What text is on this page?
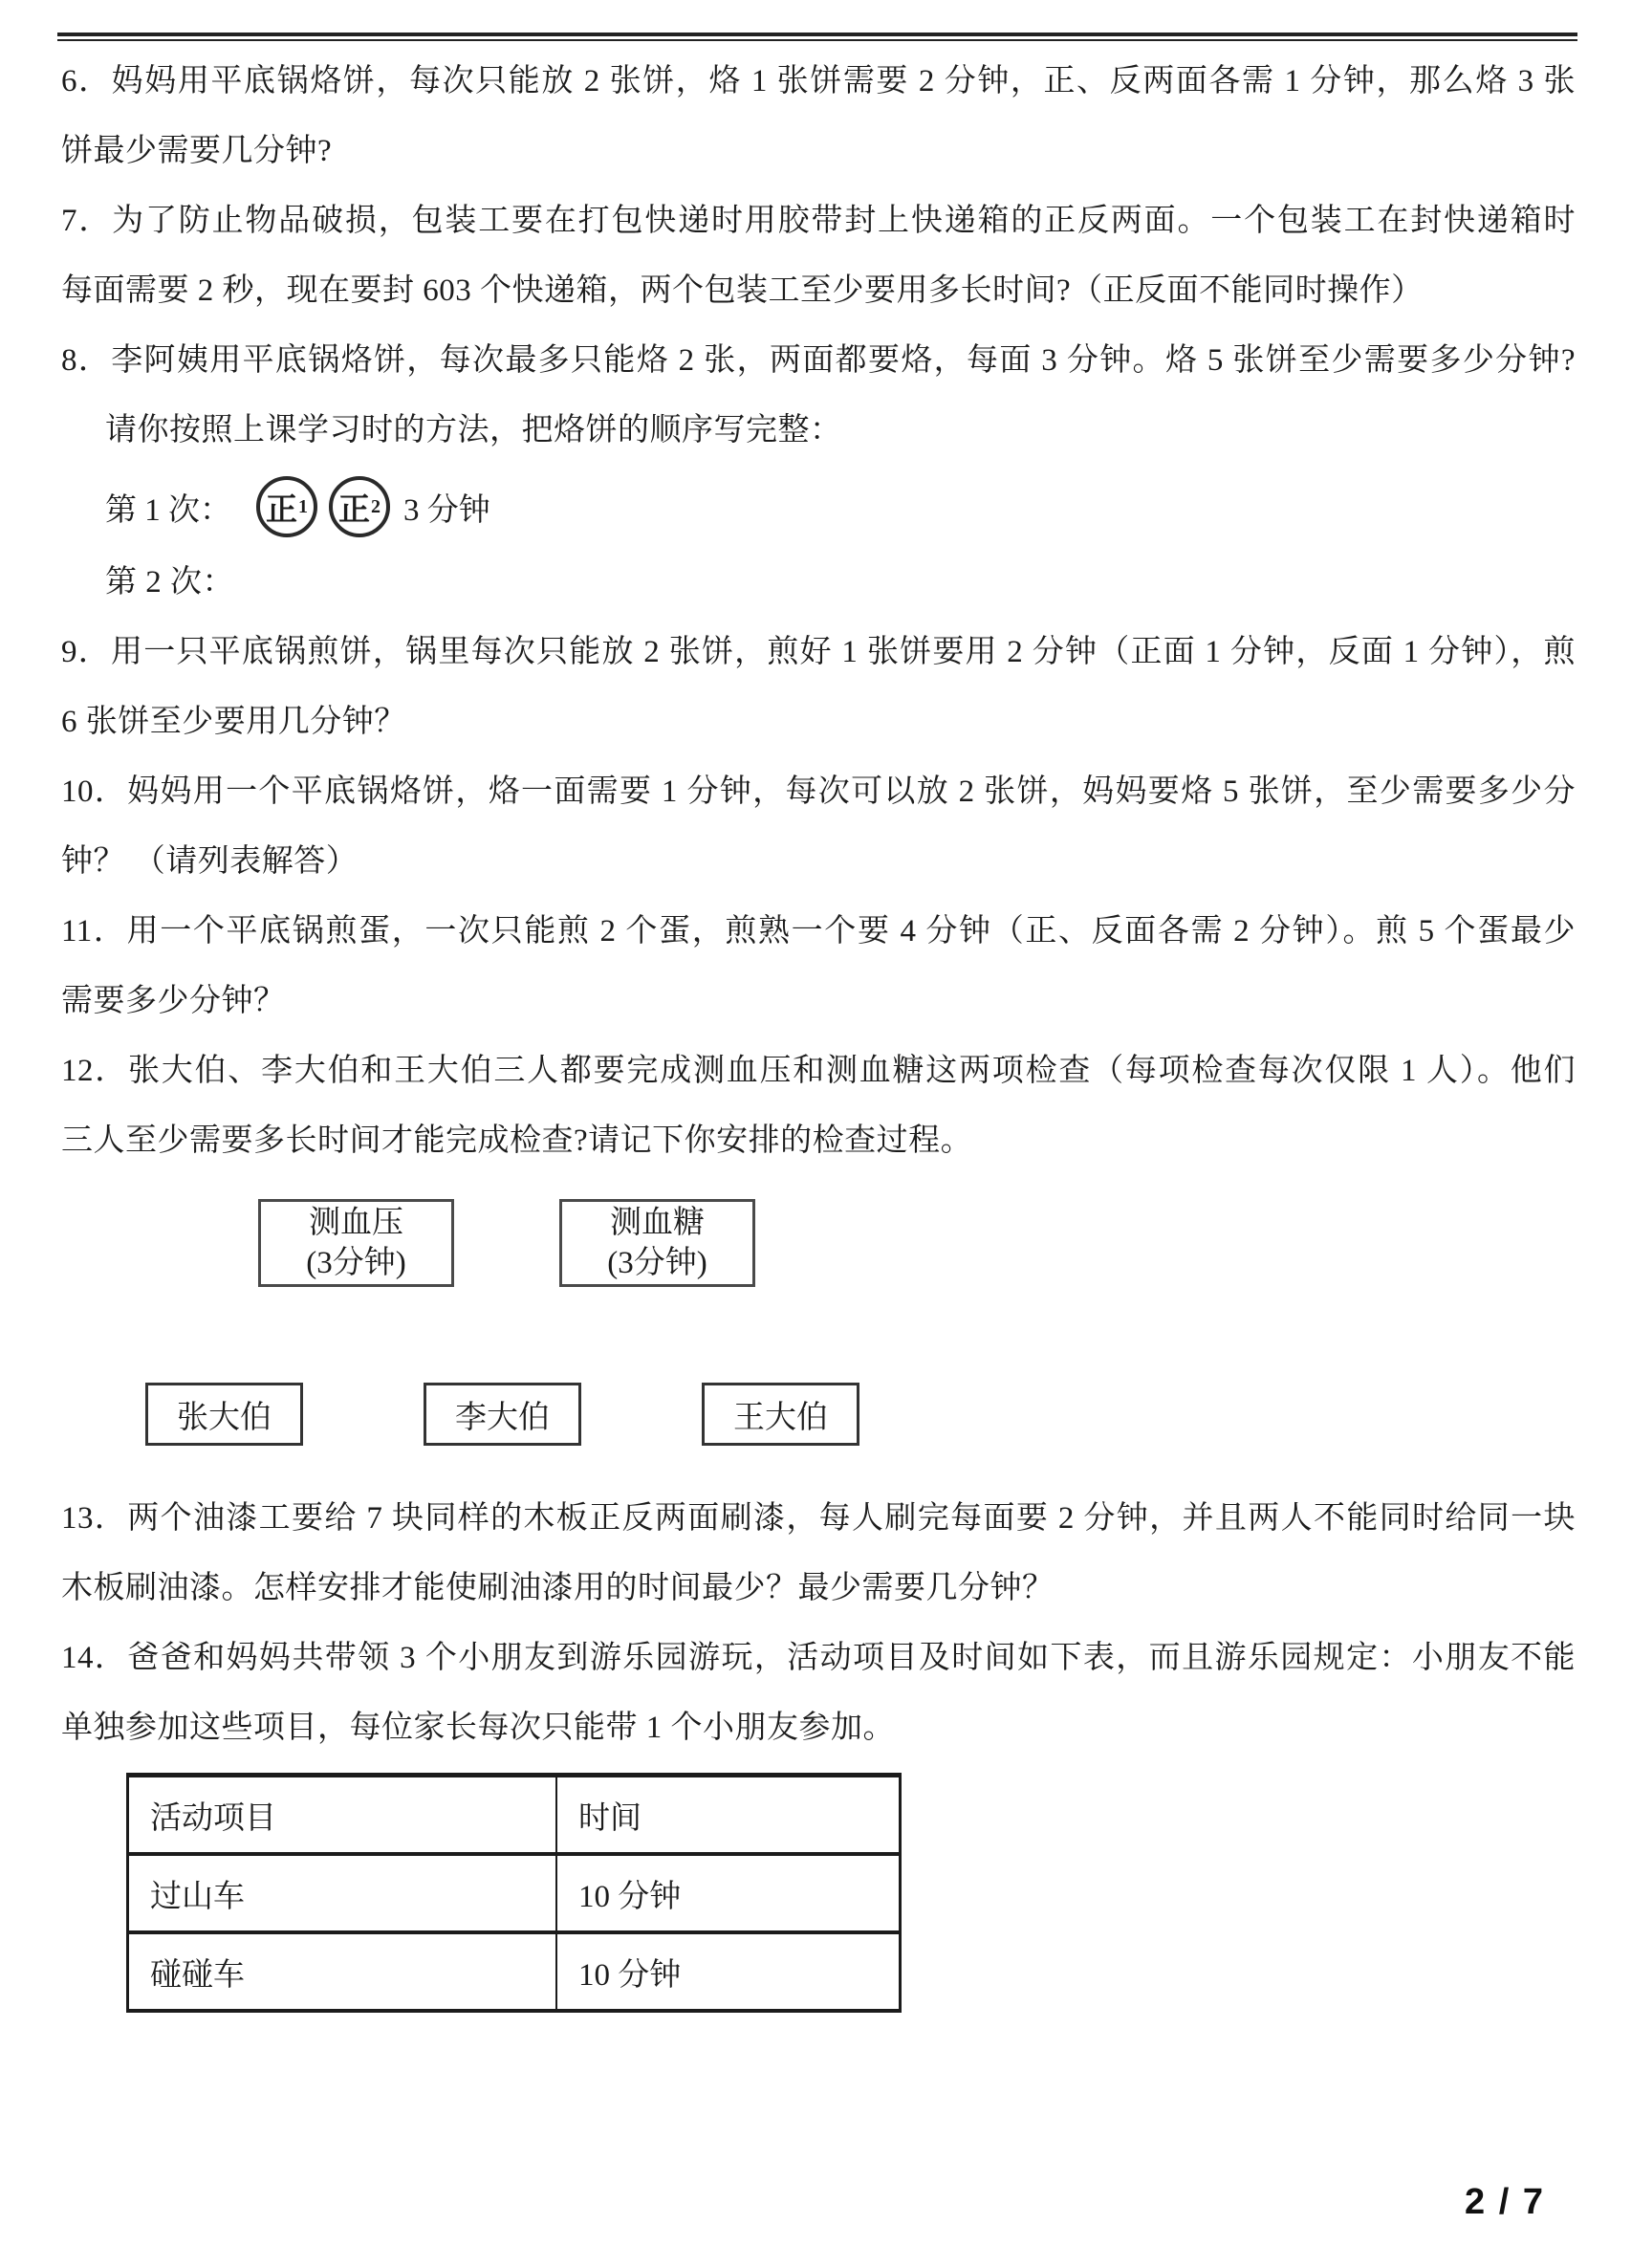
6．妈妈用平底锅烙饼，每次只能放 2 张饼，烙 1 张饼需要 2 分钟，正、反两面各需 1 分钟，那么烙 3 张
饼最少需要几分钟?
7．为了防止物品破损，包装工要在打包快递时用胶带封上快递箱的正反两面。一个包装工在封快递箱时
每面需要 2 秒，现在要封 603 个快递箱，两个包装工至少要用多长时间?（正反面不能同时操作）
8．李阿姨用平底锅烙饼，每次最多只能烙 2 张，两面都要烙，每面 3 分钟。烙 5 张饼至少需要多少分钟?
请你按照上课学习时的方法，把烙饼的顺序写完整：
第 1 次： 正 1 正 2 3 分钟
第 2 次：
9．用一只平底锅煎饼，锅里每次只能放 2 张饼，煎好 1 张饼要用 2 分钟（正面 1 分钟，反面 1 分钟），煎
6 张饼至少要用几分钟？
10．妈妈用一个平底锅烙饼，烙一面需要 1 分钟，每次可以放 2 张饼，妈妈要烙 5 张饼，至少需要多少分
钟？ （请列表解答）
11．用一个平底锅煎蛋，一次只能煎 2 个蛋，煎熟一个要 4 分钟（正、反面各需 2 分钟）。煎 5 个蛋最少
需要多少分钟？
12．张大伯、李大伯和王大伯三人都要完成测血压和测血糖这两项检查（每项检查每次仅限 1 人）。他们
三人至少需要多长时间才能完成检查?请记下你安排的检查过程。
测血压
(3分钟)
测血糖
(3分钟)
张大伯	李大伯	王大伯
13．两个油漆工要给 7 块同样的木板正反两面刷漆，每人刷完每面要 2 分钟，并且两人不能同时给同一块
木板刷油漆。怎样安排才能使刷油漆用的时间最少？最少需要几分钟？
14．爸爸和妈妈共带领 3 个小朋友到游乐园游玩，活动项目及时间如下表，而且游乐园规定：小朋友不能
单独参加这些项目，每位家长每次只能带 1 个小朋友参加。
活动项目	时间
过山车	10 分钟
碰碰车	10 分钟
2 / 7
